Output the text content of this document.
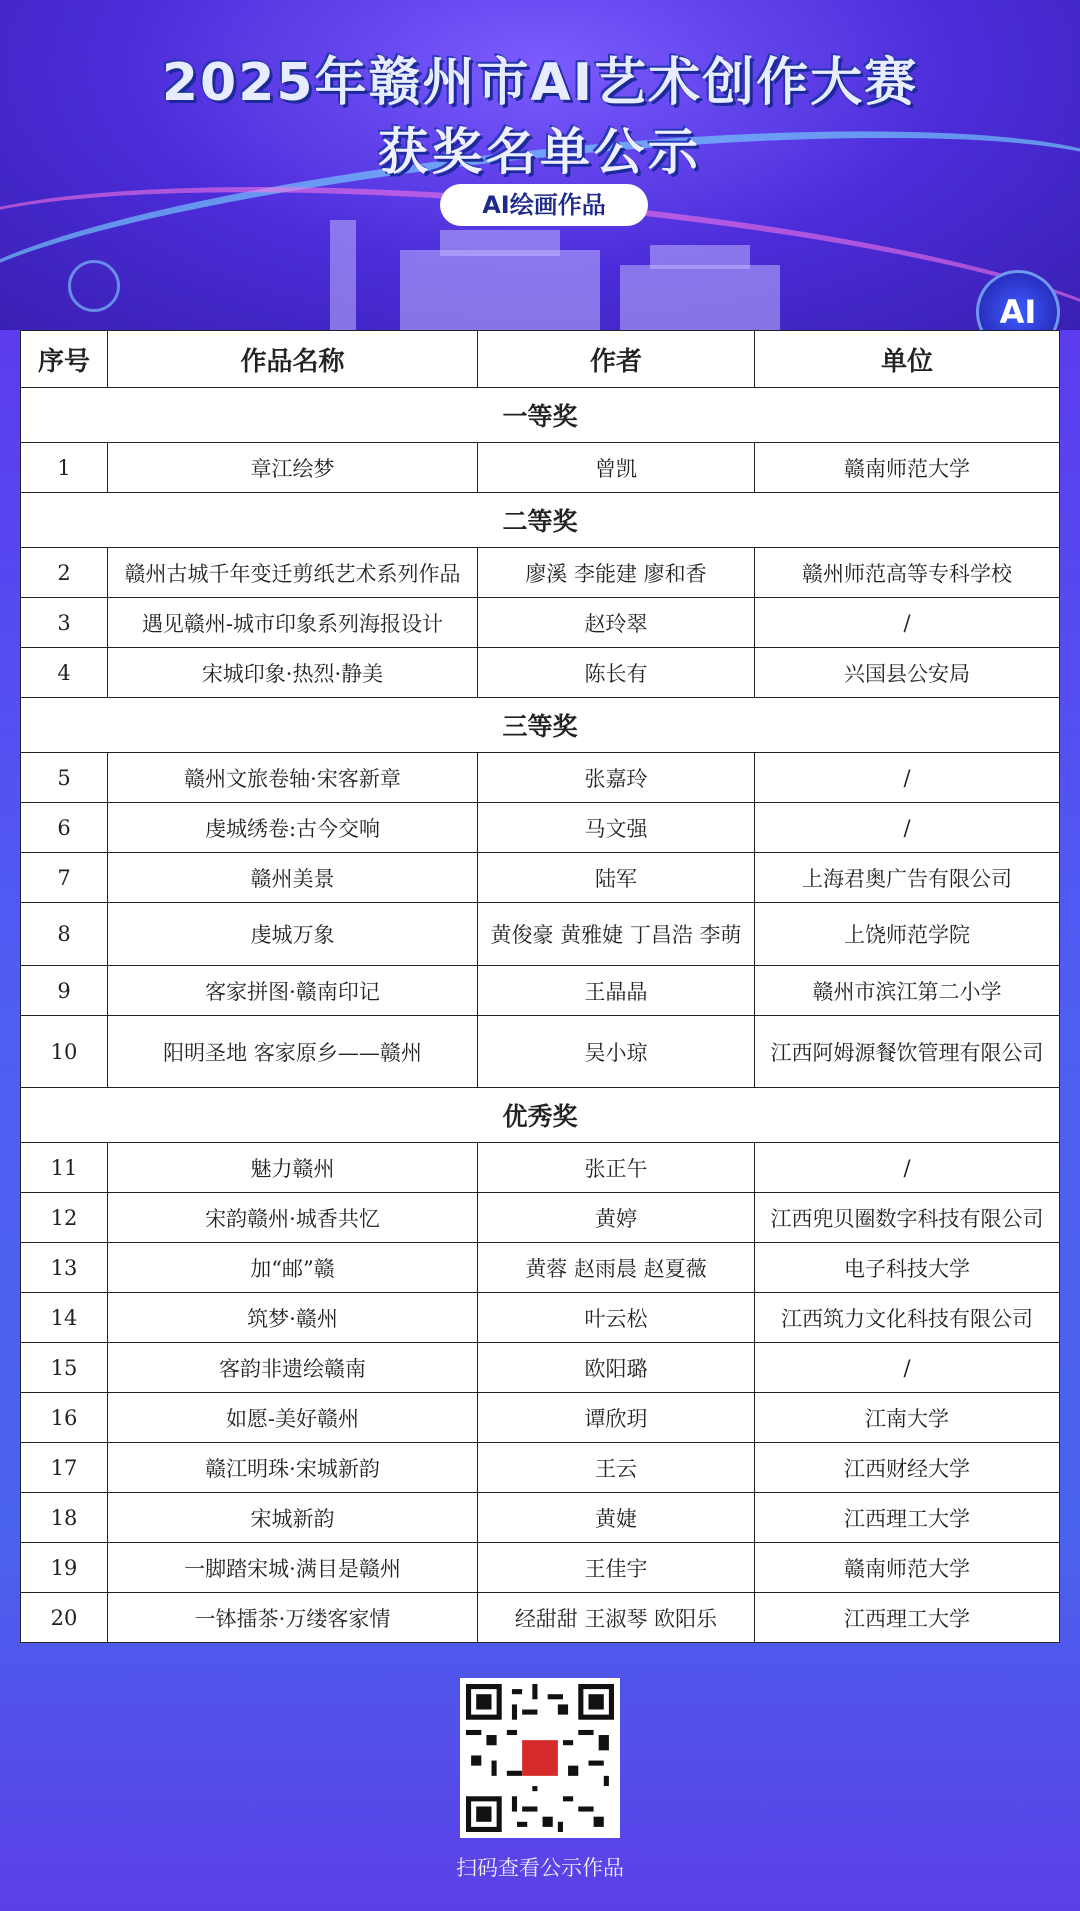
2025年赣州市AI艺术创作大赛
获奖名单公示
AI绘画作品
AI
序号	作品名称	作者	单位
一等奖			
1	章江绘梦	曾凯	赣南师范大学
二等奖			
2	赣州古城千年变迁剪纸艺术系列作品	廖溪 李能建 廖和香	赣州师范高等专科学校
3	遇见赣州-城市印象系列海报设计	赵玲翠	/
4	宋城印象·热烈·静美	陈长有	兴国县公安局
三等奖			
5	赣州文旅卷轴·宋客新章	张嘉玲	/
6	虔城绣卷:古今交响	马文强	/
7	赣州美景	陆军	上海君奥广告有限公司
8	虔城万象	黄俊豪 黄雅婕 丁昌浩 李萌	上饶师范学院
9	客家拼图·赣南印记	王晶晶	赣州市滨江第二小学
10	阳明圣地 客家原乡——赣州	吴小琼	江西阿姆源餐饮管理有限公司
优秀奖			
11	魅力赣州	张正午	/
12	宋韵赣州·城香共忆	黄婷	江西兜贝圈数字科技有限公司
13	加“邮”赣	黄蓉 赵雨晨 赵夏薇	电子科技大学
14	筑梦·赣州	叶云松	江西筑力文化科技有限公司
15	客韵非遗绘赣南	欧阳璐	/
16	如愿-美好赣州	谭欣玥	江南大学
17	赣江明珠·宋城新韵	王云	江西财经大学
18	宋城新韵	黄婕	江西理工大学
19	一脚踏宋城·满目是赣州	王佳宇	赣南师范大学
20	一钵擂茶·万缕客家情	经甜甜 王淑琴 欧阳乐	江西理工大学
扫码查看公示作品
